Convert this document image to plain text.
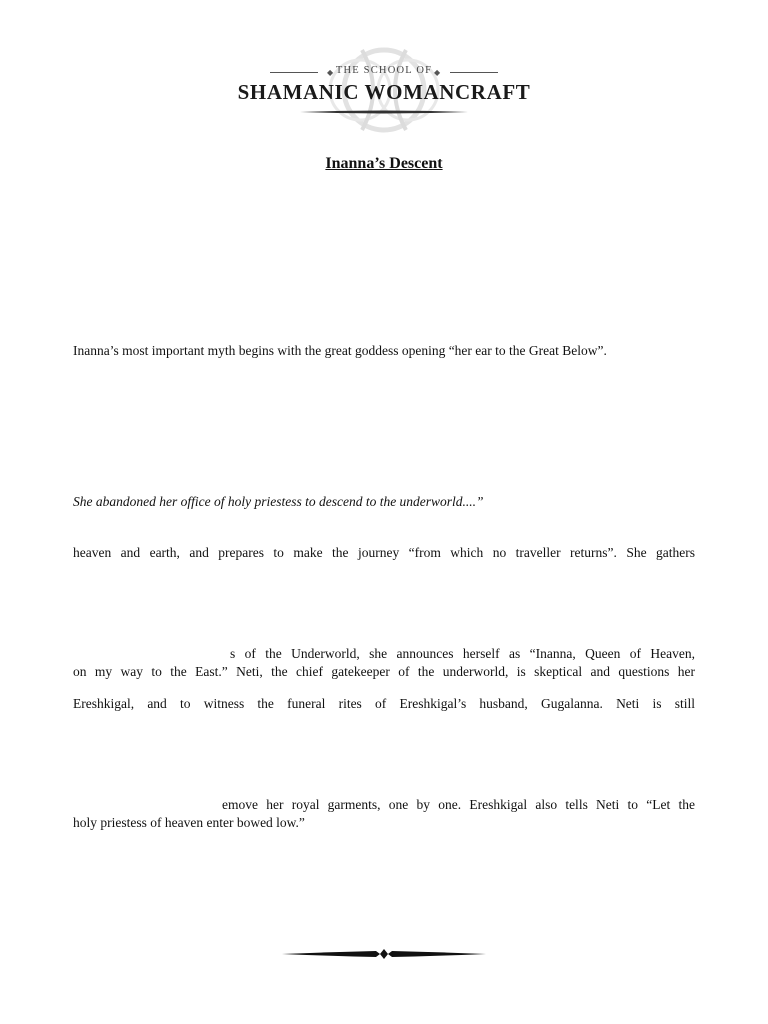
◆ THE SCHOOL OF ◆
SHAMANIC WOMANCRAFT
Inanna’s Descent
Inanna’s most important myth begins with the great goddess opening “her ear to the Great Below”.
She abandoned her office of holy priestess to descend to the underworld....”
heaven and earth, and prepares to make the journey “from which no traveller returns”. She gathers
s of the Underworld, she announces herself as “Inanna, Queen of Heaven,
on my way to the East.” Neti, the chief gatekeeper of the underworld, is skeptical and questions her
Ereshkigal, and to witness the funeral rites of Ereshkigal’s husband, Gugalanna. Neti is still
emove her royal garments, one by one. Ereshkigal also tells Neti to “Let the
holy priestess of heaven enter bowed low.”
